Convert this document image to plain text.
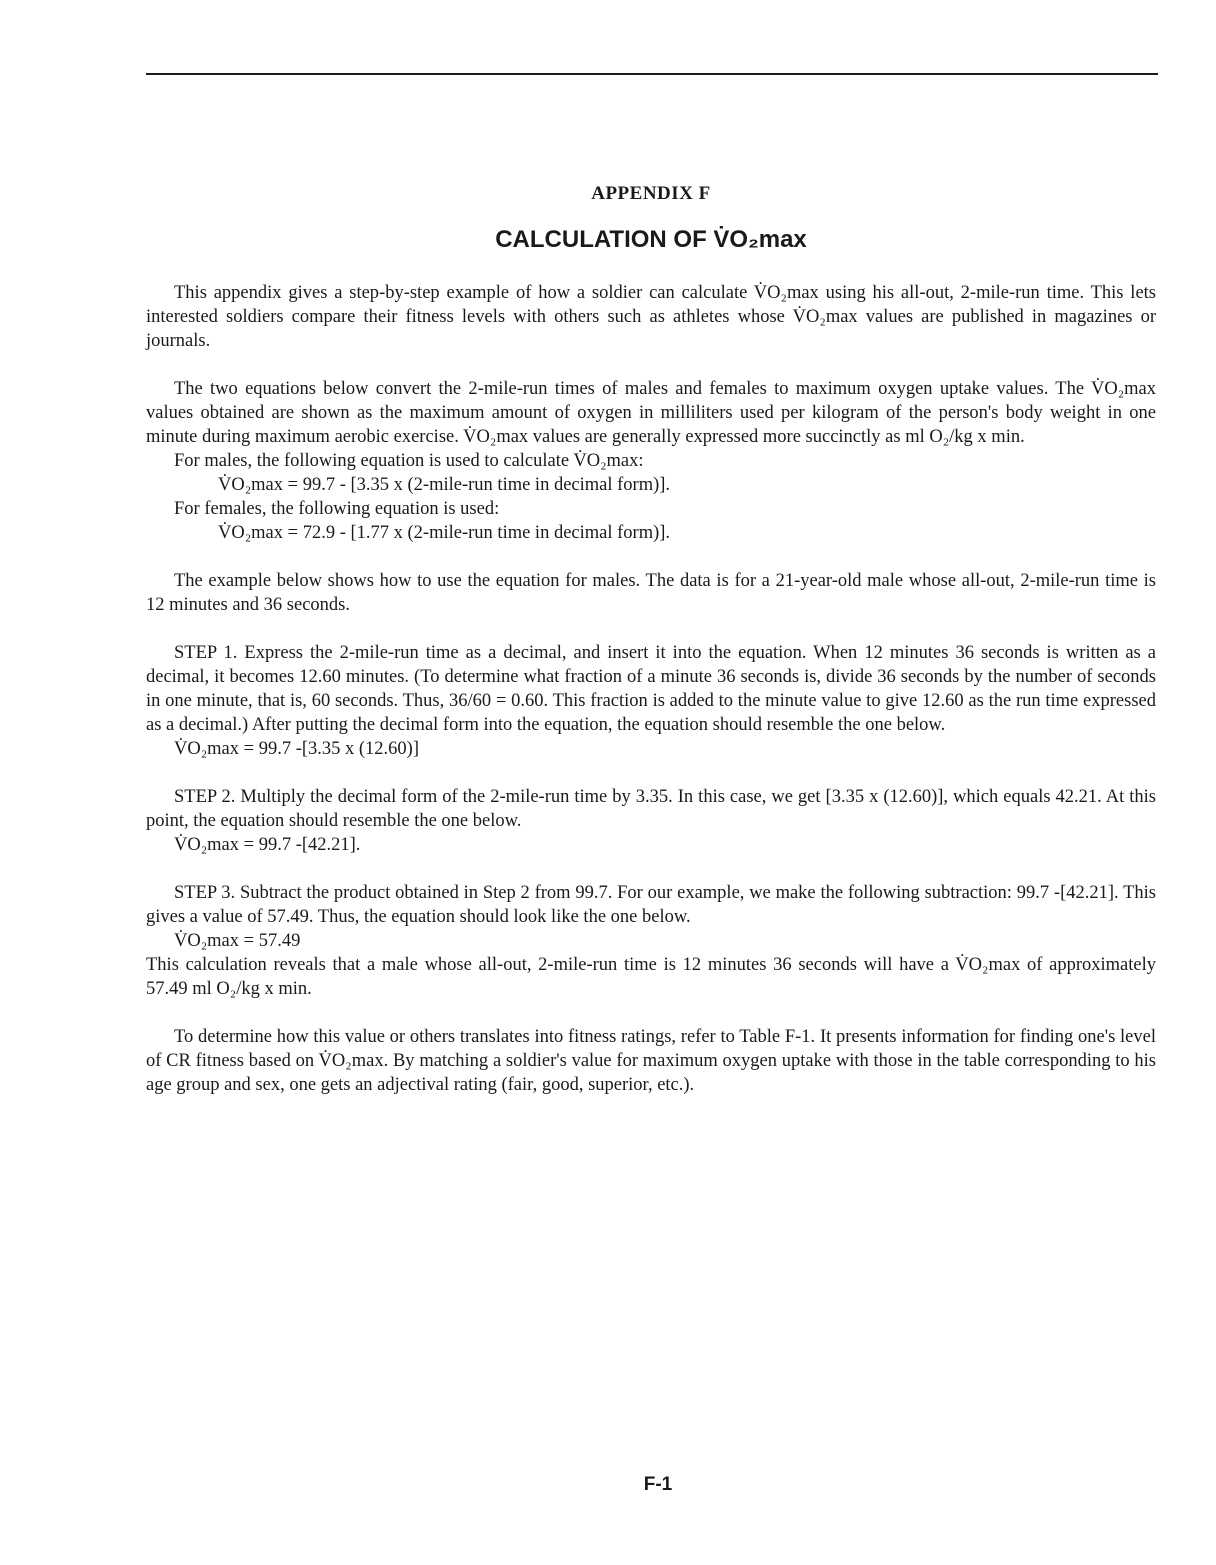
APPENDIX F
CALCULATION OF V̇O₂max

This appendix gives a step-by-step example of how a soldier can calculate V̇O₂max using his all-out, 2-mile-run time. This lets interested soldiers compare their fitness levels with others such as athletes whose V̇O₂max values are published in magazines or journals.

The two equations below convert the 2-mile-run times of males and females to maximum oxygen uptake values. The V̇O₂max values obtained are shown as the maximum amount of oxygen in milliliters used per kilogram of the person's body weight in one minute during maximum aerobic exercise. V̇O₂max values are generally expressed more succinctly as ml O₂/kg x min.

For males, the following equation is used to calculate V̇O₂max:

V̇O₂max = 99.7 - [3.35 x (2-mile-run time in decimal form)].

For females, the following equation is used:

V̇O₂max = 72.9 - [1.77 x (2-mile-run time in decimal form)].

The example below shows how to use the equation for males. The data is for a 21-year-old male whose all-out, 2-mile-run time is 12 minutes and 36 seconds.

STEP 1. Express the 2-mile-run time as a decimal, and insert it into the equation. When 12 minutes 36 seconds is written as a decimal, it becomes 12.60 minutes. (To determine what fraction of a minute 36 seconds is, divide 36 seconds by the number of seconds in one minute, that is, 60 seconds. Thus, 36/60 = 0.60. This fraction is added to the minute value to give 12.60 as the run time expressed as a decimal.) After putting the decimal form into the equation, the equation should resemble the one below.

V̇O₂max = 99.7 -[3.35 x (12.60)]

STEP 2. Multiply the decimal form of the 2-mile-run time by 3.35. In this case, we get [3.35 x (12.60)], which equals 42.21. At this point, the equation should resemble the one below.

V̇O₂max = 99.7 -[42.21].

STEP 3. Subtract the product obtained in Step 2 from 99.7. For our example, we make the following subtraction: 99.7 -[42.21]. This gives a value of 57.49. Thus, the equation should look like the one below.

V̇O₂max = 57.49

This calculation reveals that a male whose all-out, 2-mile-run time is 12 minutes 36 seconds will have a V̇O₂max of approximately 57.49 ml O₂/kg x min.

To determine how this value or others translates into fitness ratings, refer to Table F-1. It presents information for finding one's level of CR fitness based on V̇O₂max. By matching a soldier's value for maximum oxygen uptake with those in the table corresponding to his age group and sex, one gets an adjectival rating (fair, good, superior, etc.).

F-1
